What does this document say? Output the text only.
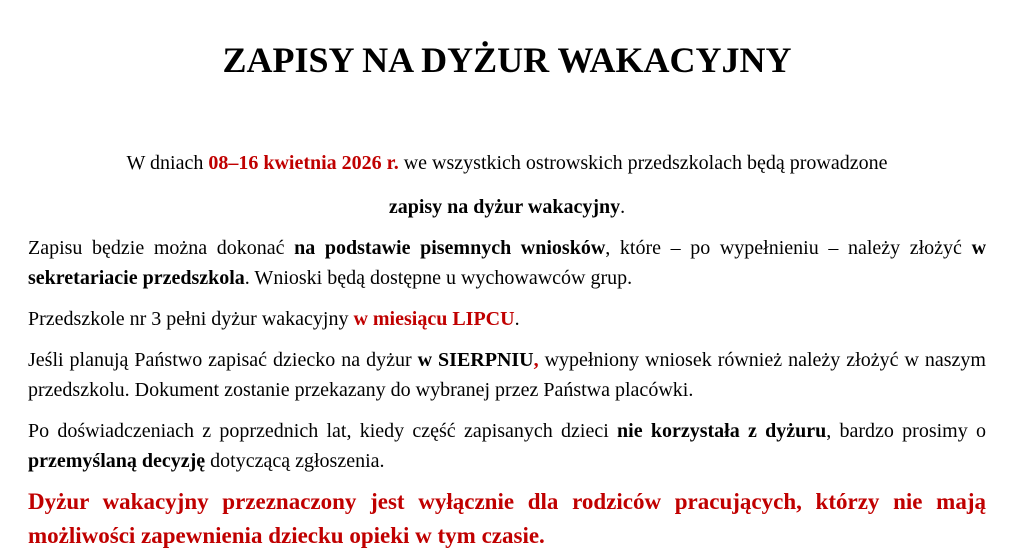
ZAPISY NA DYŻUR WAKACYJNY

W dniach 08–16 kwietnia 2026 r. we wszystkich ostrowskich przedszkolach będą prowadzone

zapisy na dyżur wakacyjny.

Zapisu będzie można dokonać na podstawie pisemnych wniosków, które – po wypełnieniu – należy złożyć w sekretariacie przedszkola. Wnioski będą dostępne u wychowawców grup.

Przedszkole nr 3 pełni dyżur wakacyjny w miesiącu LIPCU.

Jeśli planują Państwo zapisać dziecko na dyżur w SIERPNIU, wypełniony wniosek również należy złożyć w naszym przedszkolu. Dokument zostanie przekazany do wybranej przez Państwa placówki.

Po doświadczeniach z poprzednich lat, kiedy część zapisanych dzieci nie korzystała z dyżuru, bardzo prosimy o przemyślaną decyzję dotyczącą zgłoszenia.

Dyżur wakacyjny przeznaczony jest wyłącznie dla rodziców pracujących, którzy nie mają możliwości zapewnienia dziecku opieki w tym czasie.
